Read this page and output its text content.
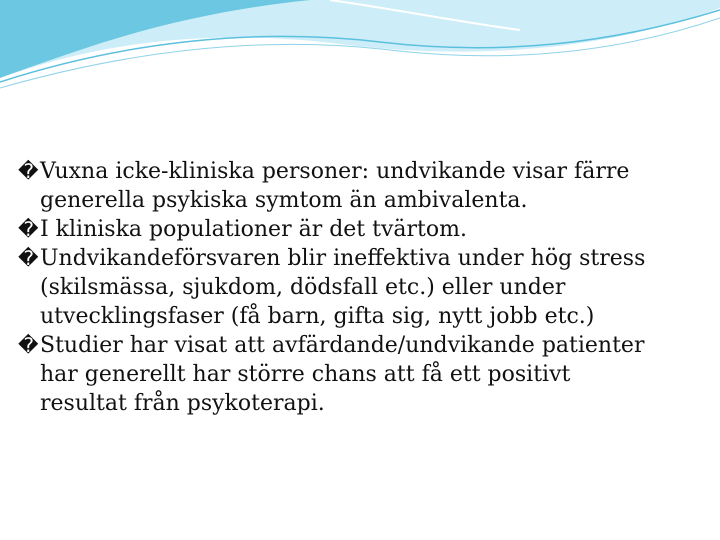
� Vuxna icke-kliniska personer: undvikande visar färre
generella psykiska symtom än ambivalenta.
� I kliniska populationer är det tvärtom.
� Undvikandeförsvaren blir ineffektiva under hög stress
(skilsmässa, sjukdom, dödsfall etc.) eller under
utvecklingsfaser (få barn, gifta sig, nytt jobb etc.)
� Studier har visat att avfärdande/undvikande patienter
har generellt har större chans att få ett positivt
resultat från psykoterapi.
